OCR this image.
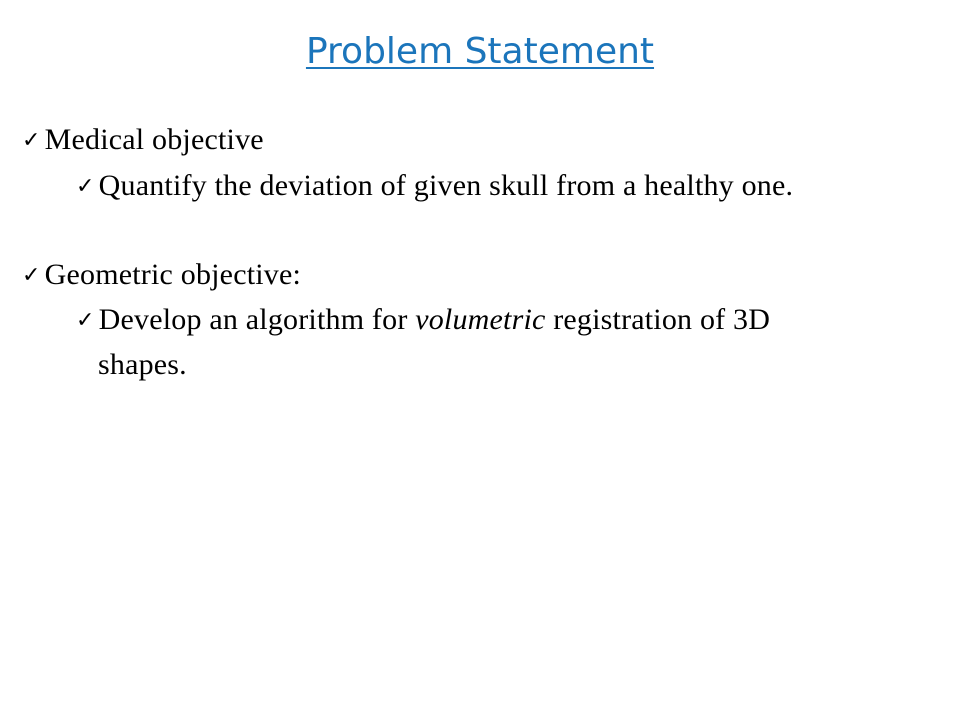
Problem Statement
✓ Medical objective
✓ Quantify the deviation of given skull from a healthy one.
✓ Geometric objective:
✓ Develop an algorithm for volumetric registration of 3D
shapes.
